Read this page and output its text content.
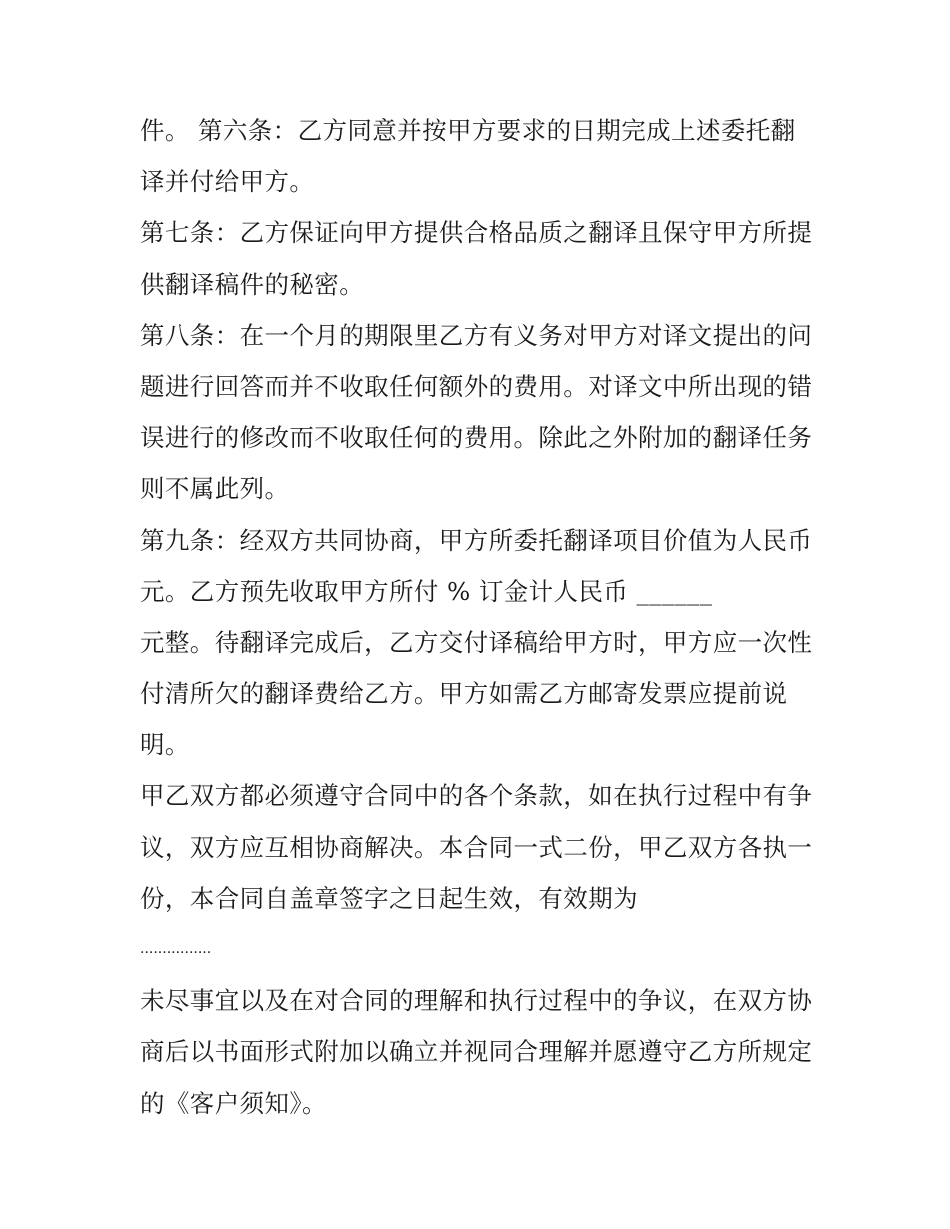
件。 第六条：乙方同意并按甲方要求的日期完成上述委托翻
译并付给甲方。
第七条：乙方保证向甲方提供合格品质之翻译且保守甲方所提
供翻译稿件的秘密。
第八条：在一个月的期限里乙方有义务对甲方对译文提出的问
题进行回答而并不收取任何额外的费用。对译文中所出现的错
误进行的修改而不收取任何的费用。除此之外附加的翻译任务
则不属此列。
第九条：经双方共同协商，甲方所委托翻译项目价值为人民币
元。乙方预先收取甲方所付 % 订金计人民币 ______
元整。待翻译完成后，乙方交付译稿给甲方时，甲方应一次性
付清所欠的翻译费给乙方。甲方如需乙方邮寄发票应提前说
明。
甲乙双方都必须遵守合同中的各个条款，如在执行过程中有争
议，双方应互相协商解决。本合同一式二份，甲乙双方各执一
份，本合同自盖章签字之日起生效，有效期为
................
未尽事宜以及在对合同的理解和执行过程中的争议，在双方协
商后以书面形式附加以确立并视同合理解并愿遵守乙方所规定
的《客户须知》。
